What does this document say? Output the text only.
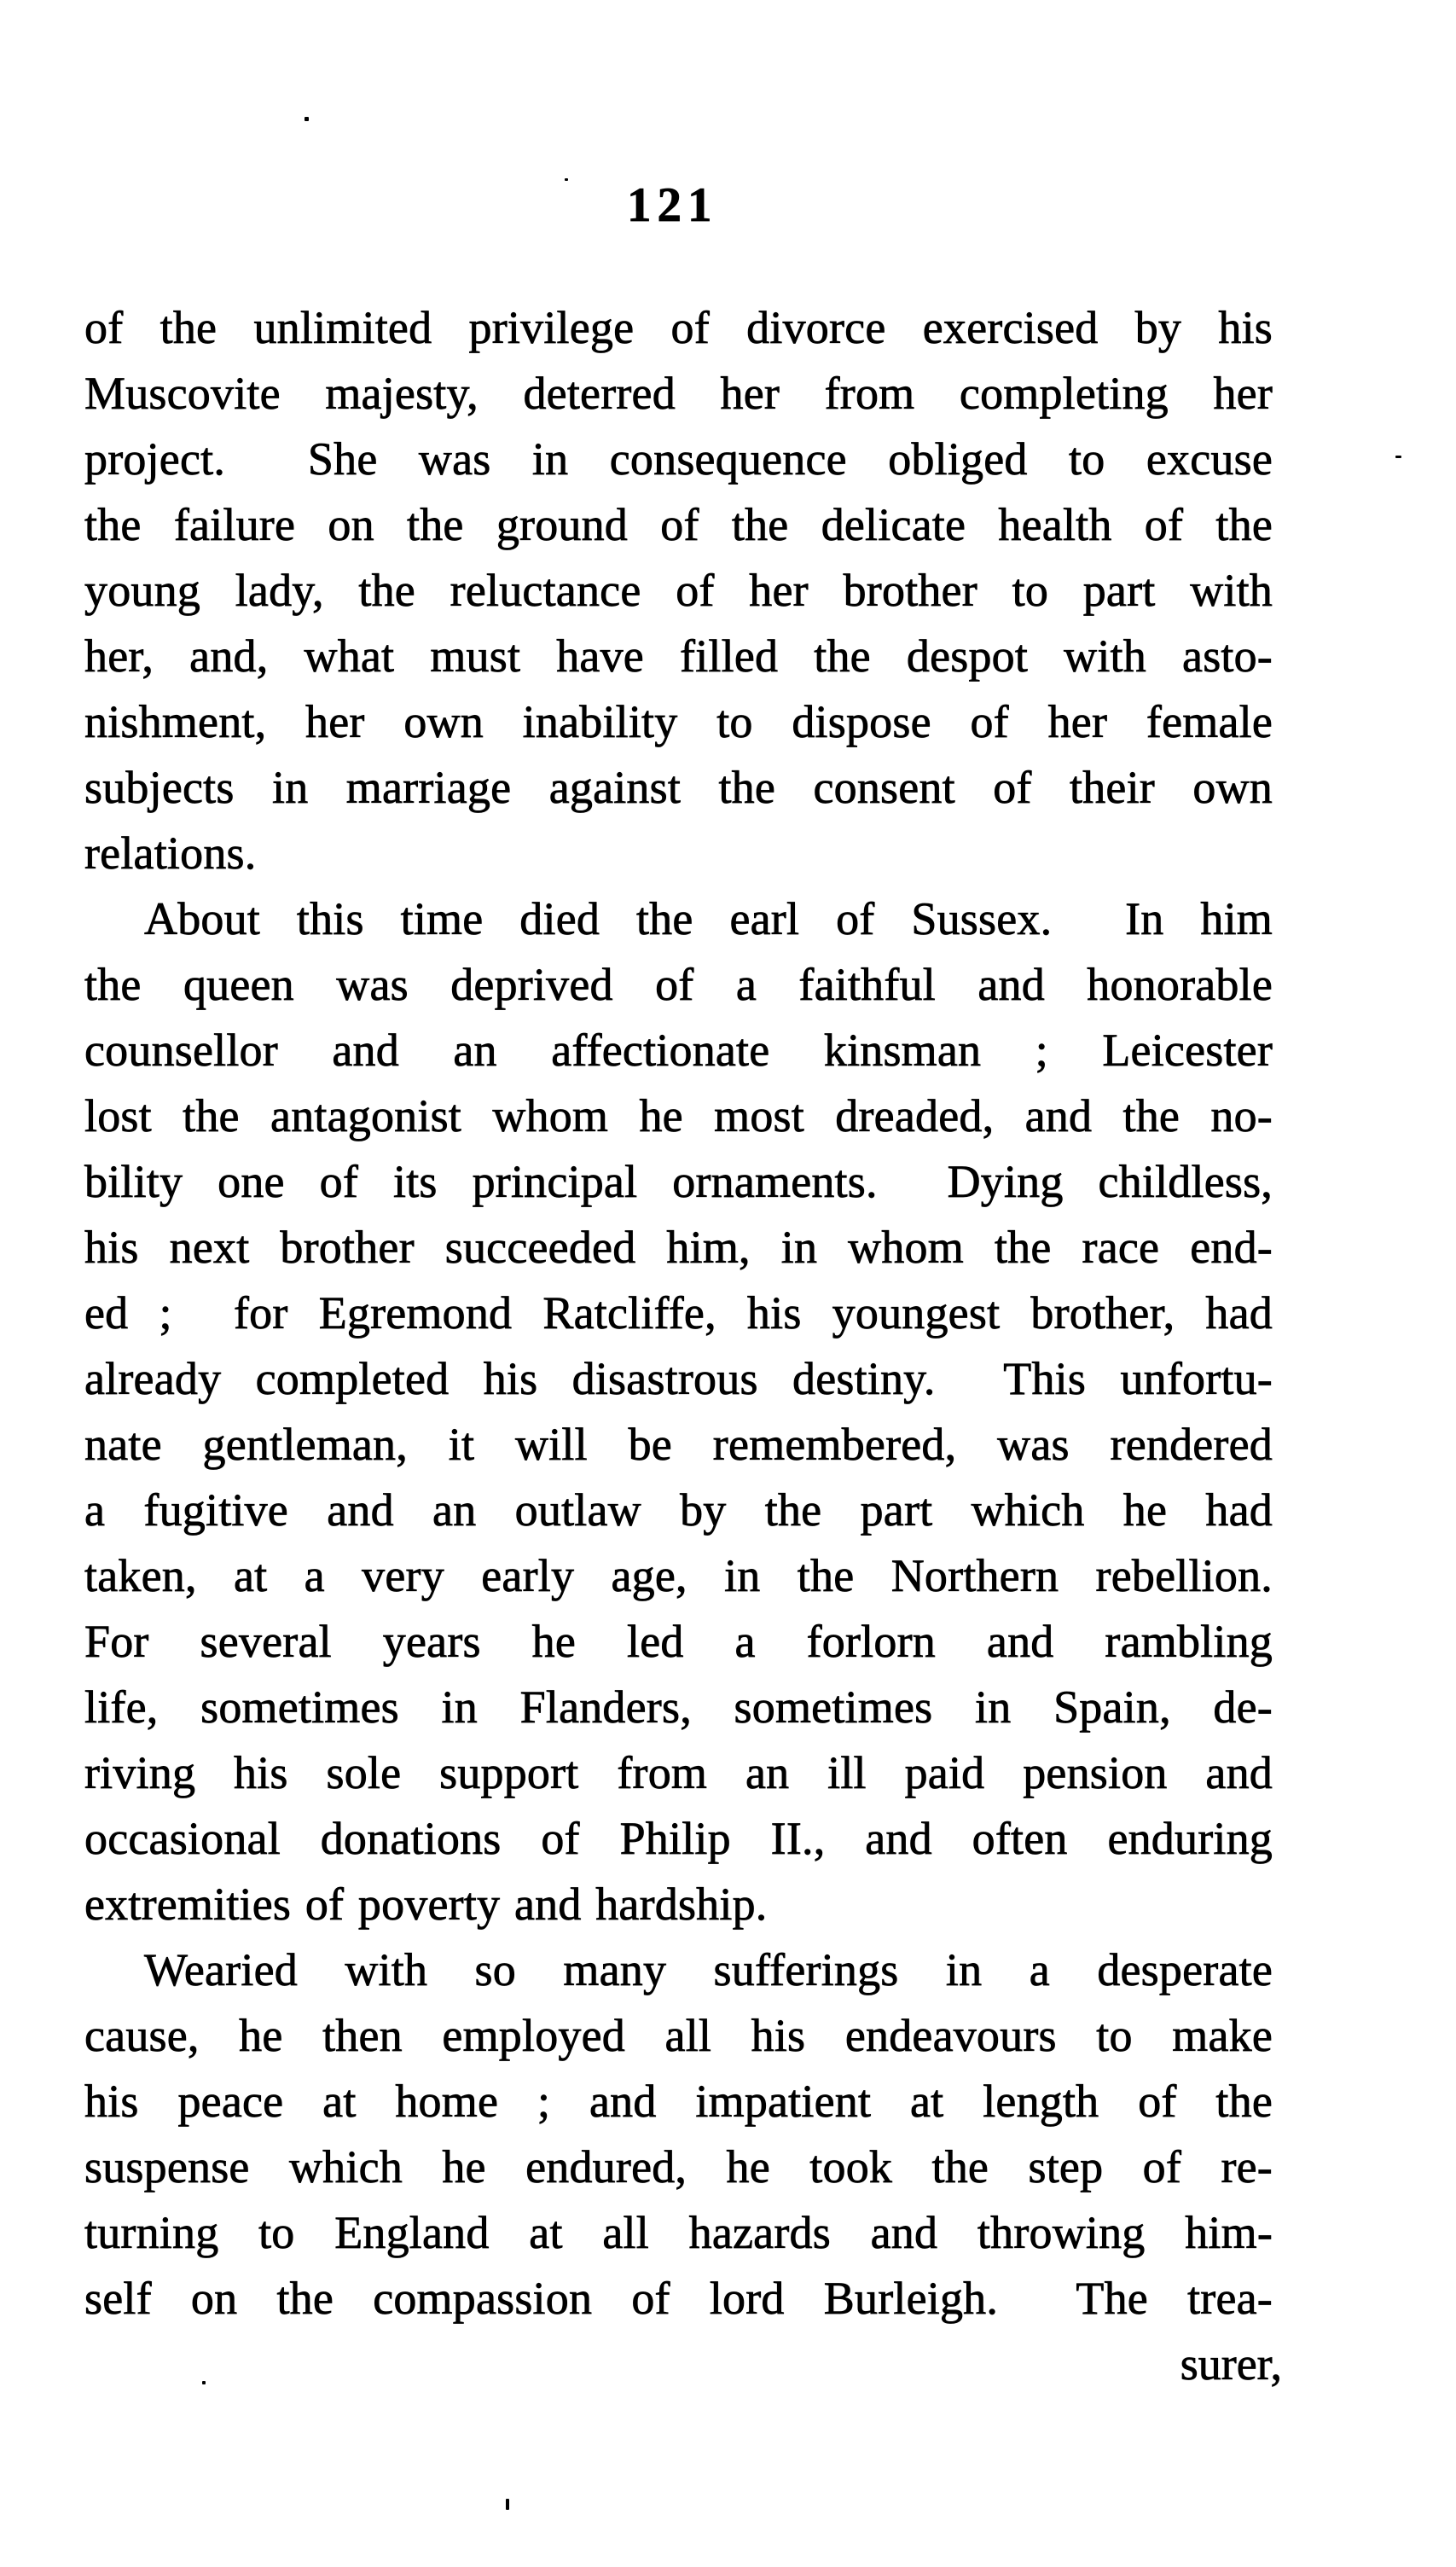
121
of the unlimited privilege of divorce exercised by his
Muscovite majesty, deterred her from completing her
project.  She was in consequence obliged to excuse
the failure on the ground of the delicate health of the
young lady, the reluctance of her brother to part with
her, and, what must have filled the despot with asto-
nishment, her own inability to dispose of her female
subjects in marriage against the consent of their own
relations.
About this time died the earl of Sussex.  In him
the queen was deprived of a faithful and honorable
counsellor and an affectionate kinsman ; Leicester
lost the antagonist whom he most dreaded, and the no-
bility one of its principal ornaments.  Dying childless,
his next brother succeeded him, in whom the race end-
ed ;  for Egremond Ratcliffe, his youngest brother, had
already completed his disastrous destiny.  This unfortu-
nate gentleman, it will be remembered, was rendered
a fugitive and an outlaw by the part which he had
taken, at a very early age, in the Northern rebellion.
For several years he led a forlorn and rambling
life, sometimes in Flanders, sometimes in Spain, de-
riving his sole support from an ill paid pension and
occasional donations of Philip II., and often enduring
extremities of poverty and hardship.
Wearied with so many sufferings in a desperate
cause, he then employed all his endeavours to make
his peace at home ; and impatient at length of the
suspense which he endured, he took the step of re-
turning to England at all hazards and throwing him-
self on the compassion of lord Burleigh.  The trea-
surer,
